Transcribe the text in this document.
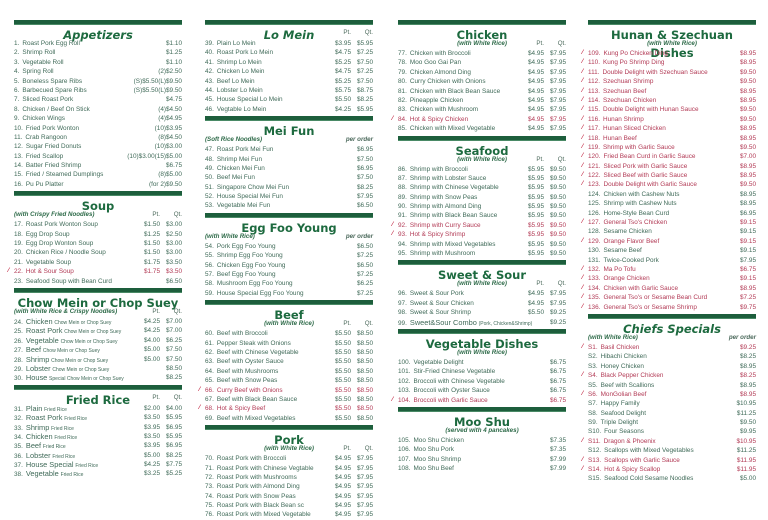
Appetizers
1. Roast Pork Egg Roll	$1.10
2. Shrimp Roll	$1.25
3. Vegetable Roll	$1.10
4. Spring Roll	(2)$2.50
5. Boneless Spare Ribs	(S)$5.50(L)$9.50
6. Barbecued Spare Ribs	(S)$5.50(L)$9.50
7. Sliced Roast Pork	$4.75
8. Chicken / Beef On Stick	(4)$4.50
9. Chicken Wings	(4)$4.95
10. Fried Pork Wonton	(10)$3.95
11. Crab Rangoon	(8)$4.50
12. Sugar Fried Donuts	(10)$3.00
13. Fried Scallop	(10)$3.00(15)$5.00
14. Batter Fried Shrimp	$6.75
15. Fried / Steamed Dumplings	(8)$5.00
16. Pu Pu Platter	(for 2)$9.50
Soup
(with Crispy Fried Noodles)	Pt. Qt.
17. Roast Pork Wonton Soup	$1.50 $3.00
18. Egg Drop Soup	$1.25 $2.50
19. Egg Drop Wonton Soup	$1.50 $3.00
20. Chicken Rice / Noodle Soup	$1.50 $3.00
21. Vegetable Soup	$1.75 $3.50
⁄ 22. Hot & Sour Soup	$1.75 $3.50
23. Seafood Soup with Bean Curd	$6.50
Chow Mein or Chop Suey
(with White Rice & Crispy Noodles)	Pt. Qt.
24. Chicken Chow Mein or Chop Suey	$4.25 $7.00
25. Roast Pork Chow Mein or Chop Suey	$4.25 $7.00
26. Vegetable Chow Mein or Chop Suey	$4.00 $6.25
27. Beef Chow Mein or Chop Suey	$5.00 $7.50
28. Shrimp Chow Mein or Chop Suey	$5.00 $7.50
29. Lobster Chow Mein or Chop Suey	$8.50
30. House Special Chow Mein or Chop Suey	$8.25
Fried Rice	Pt. Qt.
31. Plain Fried Rice	$2.00 $4.00
32. Roast Pork Fried Rice	$3.50 $5.95
33. Shrimp Fried Rice	$3.95 $6.95
34. Chicken Fried Rice	$3.50 $5.95
35. Beef Fried Rice	$3.95 $6.95
36. Lobster Fried Rice	$5.00 $8.25
37. House Special Fried Rice	$4.25 $7.75
38. Vegetable Fried Rice	$3.25 $5.25
Lo Mein	Pt. Qt.
39. Plain Lo Mein	$3.95 $5.95
40. Roast Pork Lo Mein	$4.75 $7.25
41. Shrimp Lo Mein	$5.25 $7.50
42. Chicken Lo Mein	$4.75 $7.25
43. Beef Lo Mein	$5.25 $7.50
44. Lobster Lo Mein	$5.75 $8.75
45. House Special Lo Mein	$5.50 $8.25
46. Vegtable Lo Mein	$4.25 $5.95
Mei Fun
(Soft Rice Noodles)	per order
47. Roast Pork Mei Fun	$6.95
48. Shrimp Mei Fun	$7.50
49. Chicken Mei Fun	$6.95
50. Beef Mei Fun	$7.50
51. Singapore Chow Mei Fun	$8.25
52. House Special Mei Fun	$7.95
53. Vegetable Mei Fun	$6.50
Egg Foo Young
(with White Rice)	per order
54. Pork Egg Foo Young	$6.50
55. Shrimp Egg Foo Young	$7.25
56. Chicken Egg Foo Young	$6.50
57. Beef Egg Foo Young	$7.25
58. Mushroom Egg Foo Young	$6.25
59. House Special Egg Foo Young	$7.25
Beef
(with White Rice)	Pt. Qt.
60. Beef with Broccoli	$5.50 $8.50
61. Pepper Steak with Onions	$5.50 $8.50
62. Beef with Chinese Vegetable	$5.50 $8.50
63. Beef with Oyster Sauce	$5.50 $8.50
64. Beef with Mushrooms	$5.50 $8.50
65. Beef with Snow Peas	$5.50 $8.50
⁄ 66. Curry Beef with Onions	$5.50 $8.50
67. Beef with Black Bean Sauce	$5.50 $8.50
⁄ 68. Hot & Spicy Beef	$5.50 $8.50
69. Beef with Mixed Vegetables	$5.50 $8.50
Pork
(with White Rice)	Pt. Qt.
70. Roast Pork with Broccoli	$4.95 $7.95
71. Roast Pork with Chinese Vegtable	$4.95 $7.95
72. Roast Pork with Mushrooms	$4.95 $7.95
73. Roast Pork with Almond Ding	$4.95 $7.95
74. Roast Pork with Snow Peas	$4.95 $7.95
75. Roast Pork with Black Bean sc	$4.95 $7.95
76. Roast Pork with Mixed Vegetable	$4.95 $7.95
Chicken
(with White Rice)	Pt. Qt.
77. Chicken with Broccoli	$4.95 $7.95
78. Moo Goo Gai Pan	$4.95 $7.95
79. Chicken Almond Ding	$4.95 $7.95
80. Curry Chicken with Onions	$4.95 $7.95
81. Chicken with Black Bean Sauce	$4.95 $7.95
82. Pineapple Chicken	$4.95 $7.95
83. Chicken with Mushroom	$4.95 $7.95
⁄ 84. Hot & Spicy Chicken	$4.95 $7.95
85. Chicken with Mixed Vegetable	$4.95 $7.95
Seafood
(with White Rice)	Pt. Qt.
86. Shrimp with Broccoli	$5.95 $9.50
87. Shrimp with Lobster Sauce	$5.95 $9.50
88. Shrimp with Chinese Vegetable	$5.95 $9.50
89. Shrimp with Snow Peas	$5.95 $9.50
90. Shrimp with Almond Ding	$5.95 $9.50
91. Shrimp with Black Bean Sauce	$5.95 $9.50
⁄ 92. Shrimp with Curry Sauce	$5.95 $9.50
⁄ 93. Hot & Spicy Shrimp	$5.95 $9.50
94. Shrimp with Mixed Vegetables	$5.95 $9.50
95. Shrimp with Mushroom	$5.95 $9.50
Sweet & Sour
(with White Rice)	Pt. Qt.
96. Sweet & Sour Pork	$4.95 $7.95
97. Sweet & Sour Chicken	$4.95 $7.95
98. Sweet & Sour Shrimp	$5.50 $9.25
99. Sweet&Sour Combo (Pork, Chicken&Shrimp)	$9.25
Vegetable Dishes
(with White Rice)
100. Vegetable Delight	$6.75
101. Stir-Fried Chinese Vegetable	$6.75
102. Broccoli with Chinese Vegetable	$6.75
103. Broccoli with Oyster Sauce	$6.75
⁄ 104. Broccoli with Garlic Sauce	$6.75
Moo Shu
(served with 4 pancakes)
105. Moo Shu Chicken	$7.35
106. Moo Shu Pork	$7.35
107. Moo Shu Shrimp	$7.99
108. Moo Shu Beef	$7.99
Hunan & Szechuan Dishes
(with White Rice)
⁄ 109. Kung Po Chicken Ding	$8.95
⁄ 110. Kung Po Shrimp Ding	$8.95
⁄ 111. Double Delight with Szechuan Sauce	$9.50
⁄ 112. Szechuan Shrimp	$9.50
⁄ 113. Szechuan Beef	$8.95
⁄ 114. Szechuan Chicken	$8.95
⁄ 115. Double Delight with Hunan Sauce	$9.50
⁄ 116. Hunan Shrimp	$9.50
⁄ 117. Hunan Sliced Chicken	$8.95
⁄ 118. Hunan Beef	$8.95
⁄ 119. Shrimp with Garlic Sauce	$9.50
⁄ 120. Fried Bean Curd in Garlic Sauce	$7.00
⁄ 121. Sliced Pork with Garlic Sauce	$8.95
⁄ 122. Sliced Beef with Garlic Sauce	$8.95
⁄ 123. Double Delight with Garlic Sauce	$9.50
124. Chicken with Cashew Nuts	$8.95
125. Shrimp with Cashew Nuts	$8.95
126. Home-Style Bean Curd	$6.95
⁄ 127. General Tso's Chicken	$9.15
128. Sesame Chicken	$9.15
⁄ 129. Orange Flavor Beef	$9.15
130. Sesame Beef	$9.15
131. Twice-Cooked Pork	$7.95
⁄ 132. Ma Po Tofu	$6.75
⁄ 133. Orange Chicken	$9.15
⁄ 134. Chicken with Garlic Sauce	$8.95
⁄ 135. General Tso's or Sesame Bean Curd	$7.25
⁄ 136. General Tso's or Sesame Shrimp	$9.75
Chiefs Specials
(with White Rice)	per order
⁄ S1. Basil Chicken	$9.25
S2. Hibachi Chicken	$8.25
S3. Honey Chicken	$8.95
⁄ S4. Black Pepper Chicken	$8.25
S5. Beef with Scallions	$8.95
⁄ S6. MonGolian Beef	$8.95
S7. Happy Family	$10.95
S8. Seafood Delight	$11.25
S9. Triple Delight	$9.50
S10. Four Seasons	$9.95
⁄ S11. Dragon & Phoenix	$10.95
S12. Scallops with Mixed Vegetables	$11.25
⁄ S13. Scallops with Garlic Sauce	$11.95
⁄ S14. Hot & Spicy Scallop	$11.95
S15. Seafood Cold Sesame Noodles	$5.00
